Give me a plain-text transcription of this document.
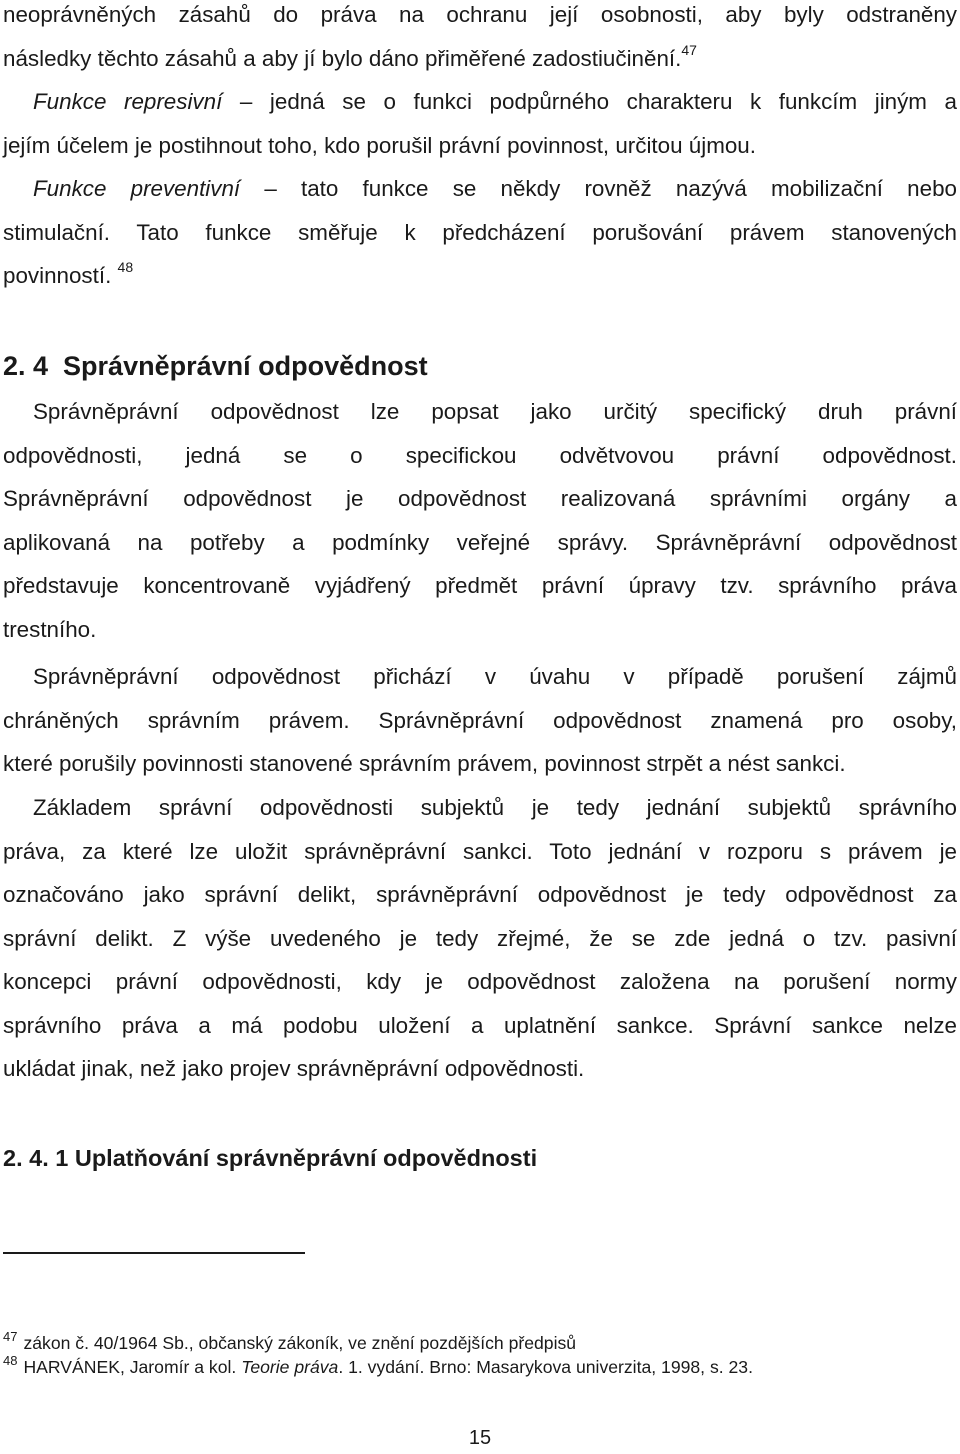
neoprávněných zásahů do práva na ochranu její osobnosti, aby byly odstraněny
následky těchto zásahů a aby jí bylo dáno přiměřené zadostiučinění.$^{47}$
Funkce represivní – jedná se o funkci podpůrného charakteru k funkcím jiným a
jejím účelem je postihnout toho, kdo porušil právní povinnost, určitou újmou.
Funkce preventivní – tato funkce se někdy rovněž nazývá mobilizační nebo
stimulační. Tato funkce směřuje k předcházení porušování právem stanovených
povinností. $^{48}$
2. 4  Správněprávní odpovědnost
Správněprávní odpovědnost lze popsat jako určitý specifický druh právní
odpovědnosti, jedná se o specifickou odvětvovou právní odpovědnost.
Správněprávní odpovědnost je odpovědnost realizovaná správními orgány a
aplikovaná na potřeby a podmínky veřejné správy. Správněprávní odpovědnost
představuje koncentrovaně vyjádřený předmět právní úpravy tzv. správního práva
trestního.
Správněprávní odpovědnost přichází v úvahu v případě porušení zájmů
chráněných správním právem. Správněprávní odpovědnost znamená pro osoby,
které porušily povinnosti stanovené správním právem, povinnost strpět a nést sankci.
Základem správní odpovědnosti subjektů je tedy jednání subjektů správního
práva, za které lze uložit správněprávní sankci. Toto jednání v rozporu s právem je
označováno jako správní delikt, správněprávní odpovědnost je tedy odpovědnost za
správní delikt. Z výše uvedeného je tedy zřejmé, že se zde jedná o tzv. pasivní
koncepci právní odpovědnosti, kdy je odpovědnost založena na porušení normy
správního práva a má podobu uložení a uplatnění sankce. Správní sankce nelze
ukládat jinak, než jako projev správněprávní odpovědnosti.
2. 4. 1 Uplatňování správněprávní odpovědnosti
$^{47}$ zákon č. 40/1964 Sb., občanský zákoník, ve znění pozdějších předpisů
$^{48}$ HARVÁNEK, Jaromír a kol. Teorie práva. 1. vydání. Brno: Masarykova univerzita, 1998, s. 23.
15
